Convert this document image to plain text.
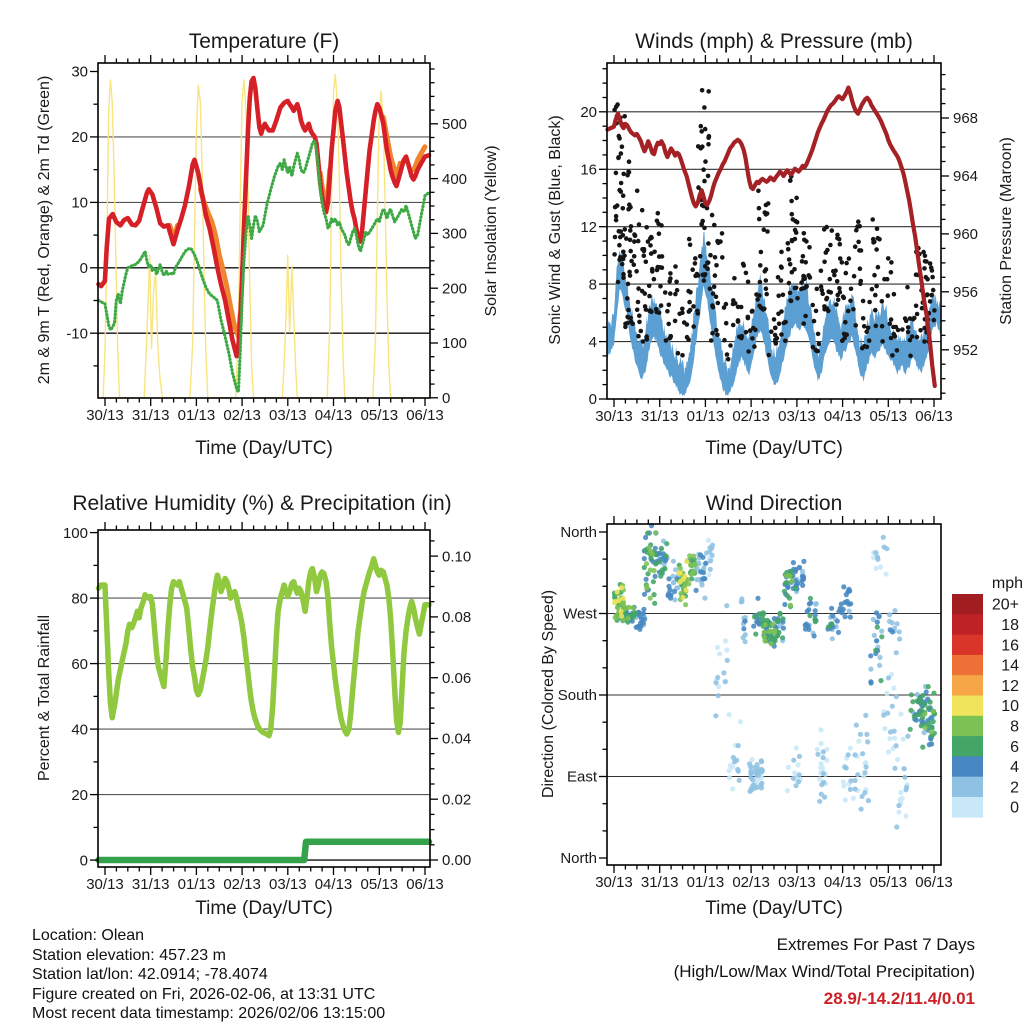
30/13 31/13 01/13 02/13 03/13 04/13 05/13 06/13
-10
0
10
20
30
0
100
200
300
400
500
30/13 31/13 01/13 02/13 03/13 04/13 05/13 06/13
0
4
8
12
16
20
952
956
960
964
968
30/13 31/13 01/13 02/13 03/13 04/13 05/13 06/13
0
20
40
60
80
100
0.00
0.02
0.04
0.06
0.08
0.10
30/13 31/13 01/13 02/13 03/13 04/13 05/13 06/13
North
West
South
East
North
20+
18
16
14
12
10
8
6
4
2
0
mph
Temperature (F)	Winds (mph) & Pressure (mb)
Relative Humidity (%) & Precipitation (in)	Wind Direction
2m & 9m T (Red, Orange) & 2m Td (Green)	Solar Insolation (Yellow)	Sonic Wind & Gust (Blue, Black)	Station Pressure (Maroon)
Percent & Total Rainfall	Direction (Colored By Speed)
Time (Day/UTC)	Time (Day/UTC)
Time (Day/UTC)	Time (Day/UTC)
Location: Olean
Station elevation: 457.23 m
Station lat/lon: 42.0914; -78.4074
Figure created on Fri, 2026-02-06, at 13:31 UTC
Most recent data timestamp: 2026/02/06 13:15:00
Extremes For Past 7 Days
(High/Low/Max Wind/Total Precipitation)
28.9/-14.2/11.4/0.01
